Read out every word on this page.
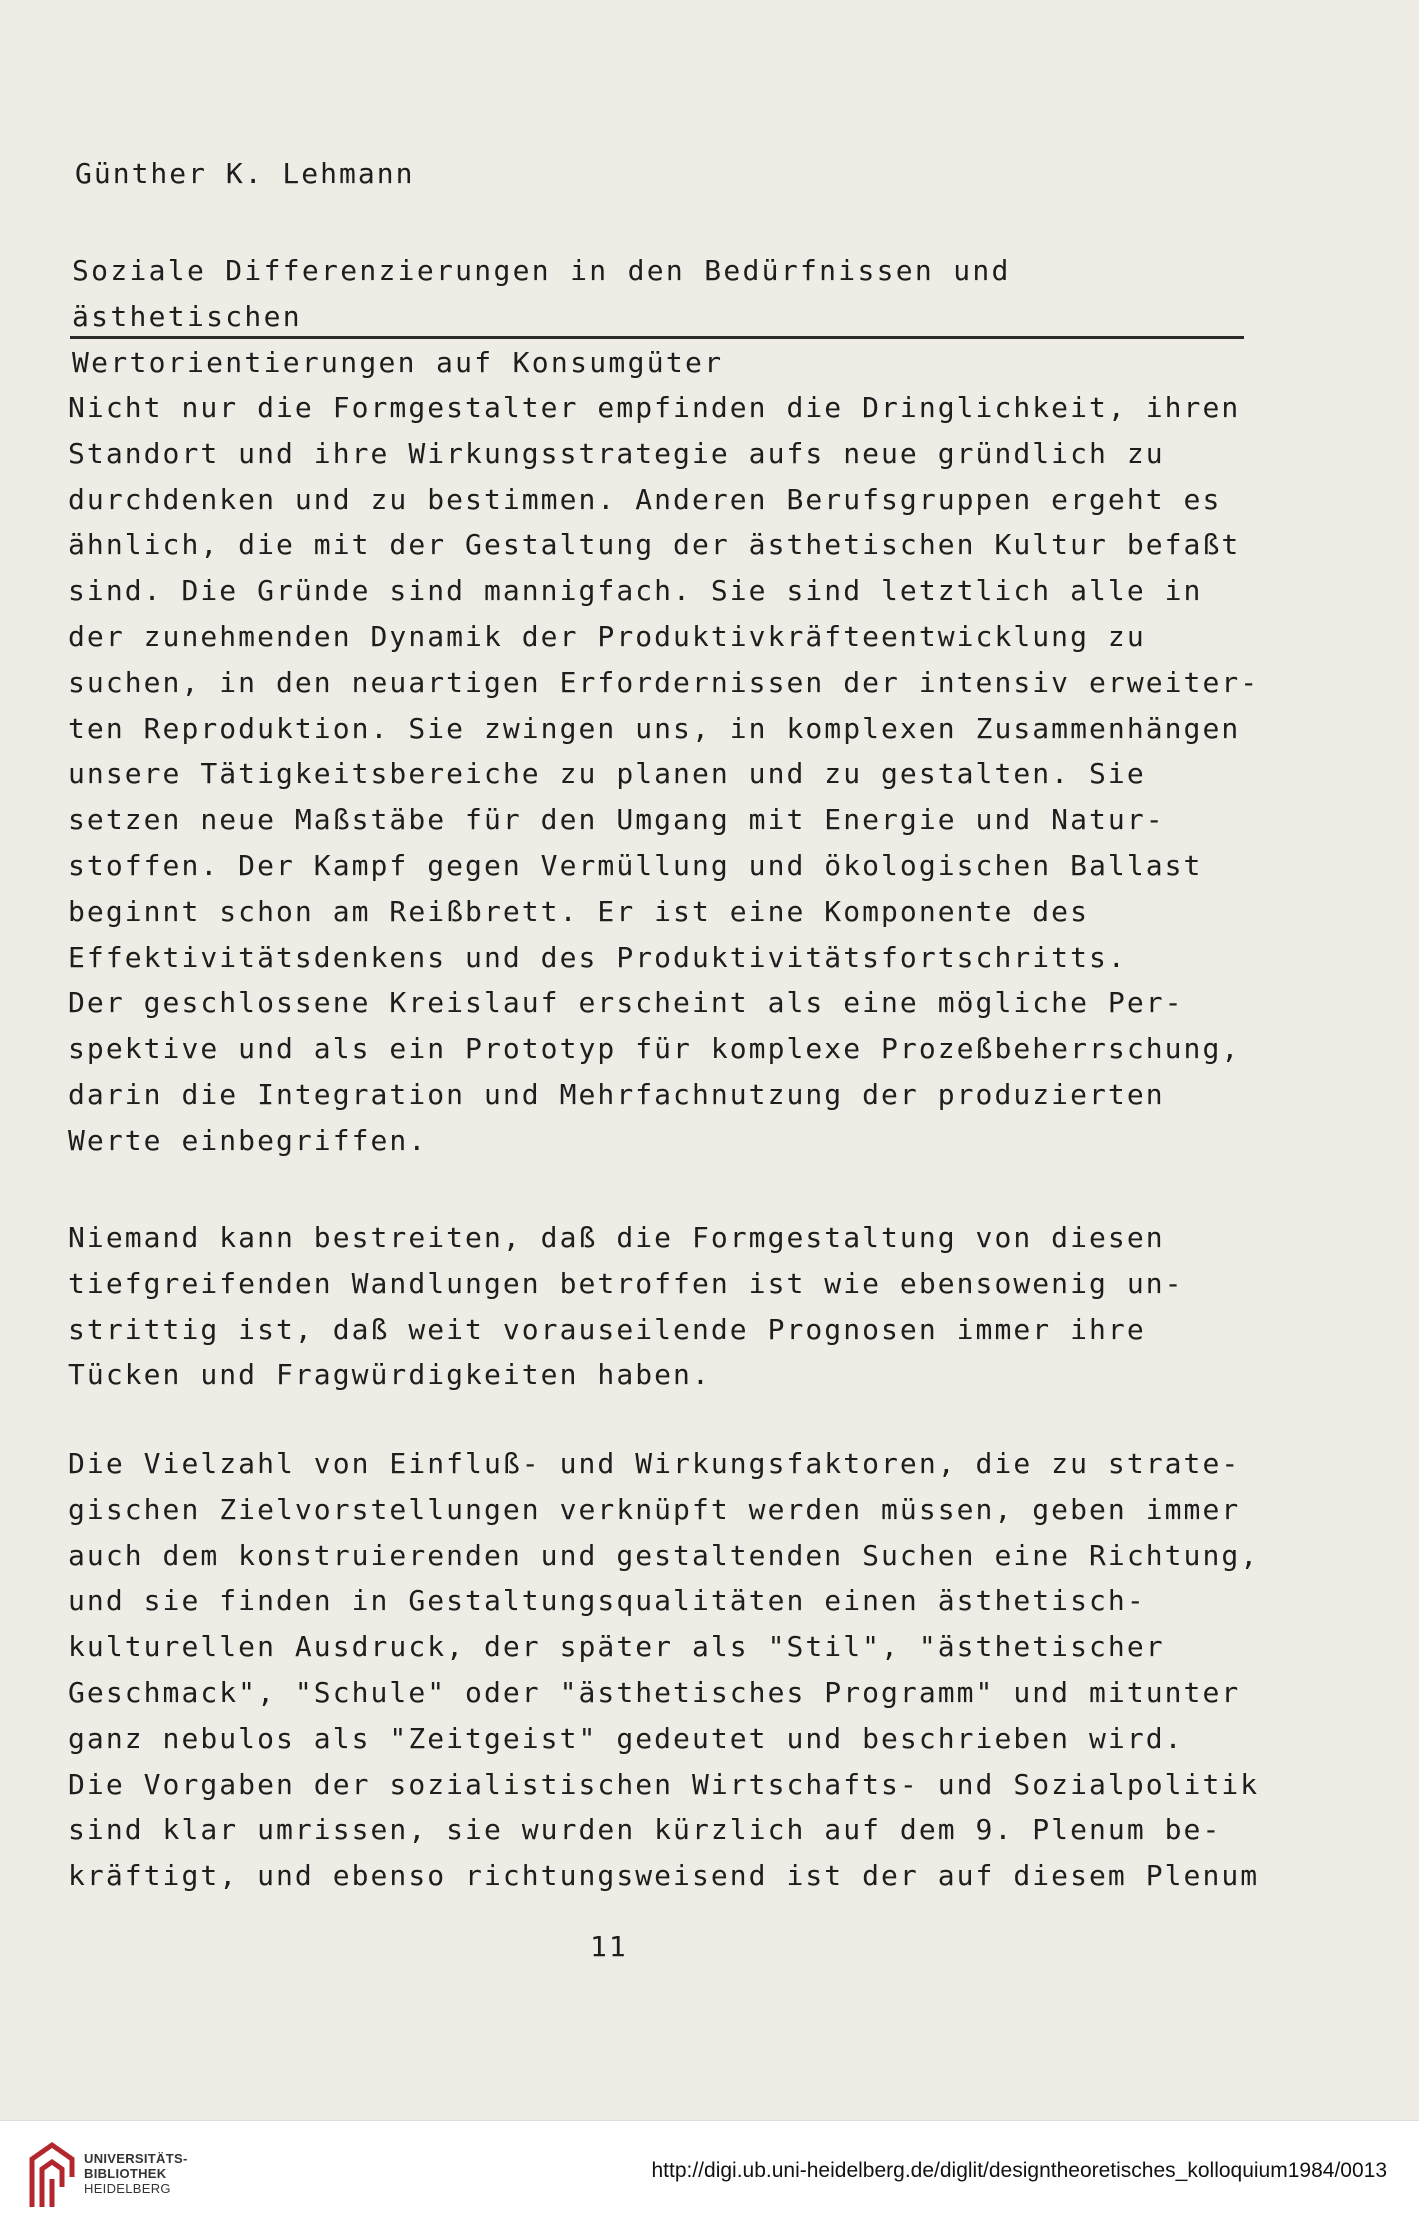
Günther K. Lehmann
Soziale Differenzierungen in den Bedürfnissen und ästhetischen
Wertorientierungen auf Konsumgüter
Nicht nur die Formgestalter empfinden die Dringlichkeit, ihren
Standort und ihre Wirkungsstrategie aufs neue gründlich zu
durchdenken und zu bestimmen. Anderen Berufsgruppen ergeht es
ähnlich, die mit der Gestaltung der ästhetischen Kultur befaßt
sind. Die Gründe sind mannigfach. Sie sind letztlich alle in
der zunehmenden Dynamik der Produktivkräfteentwicklung zu
suchen, in den neuartigen Erfordernissen der intensiv erweiter-
ten Reproduktion. Sie zwingen uns, in komplexen Zusammenhängen
unsere Tätigkeitsbereiche zu planen und zu gestalten. Sie
setzen neue Maßstäbe für den Umgang mit Energie und Natur-
stoffen. Der Kampf gegen Vermüllung und ökologischen Ballast
beginnt schon am Reißbrett. Er ist eine Komponente des
Effektivitätsdenkens und des Produktivitätsfortschritts.
Der geschlossene Kreislauf erscheint als eine mögliche Per-
spektive und als ein Prototyp für komplexe Prozeßbeherrschung,
darin die Integration und Mehrfachnutzung der produzierten
Werte einbegriffen.
Niemand kann bestreiten, daß die Formgestaltung von diesen
tiefgreifenden Wandlungen betroffen ist wie ebensowenig un-
strittig ist, daß weit vorauseilende Prognosen immer ihre
Tücken und Fragwürdigkeiten haben.
Die Vielzahl von Einfluß- und Wirkungsfaktoren, die zu strate-
gischen Zielvorstellungen verknüpft werden müssen, geben immer
auch dem konstruierenden und gestaltenden Suchen eine Richtung,
und sie finden in Gestaltungsqualitäten einen ästhetisch-
kulturellen Ausdruck, der später als "Stil", "ästhetischer
Geschmack", "Schule" oder "ästhetisches Programm" und mitunter
ganz nebulos als "Zeitgeist" gedeutet und beschrieben wird.
Die Vorgaben der sozialistischen Wirtschafts- und Sozialpolitik
sind klar umrissen, sie wurden kürzlich auf dem 9. Plenum be-
kräftigt, und ebenso richtungsweisend ist der auf diesem Plenum
11
UNIVERSITÄTS-
BIBLIOTHEK
HEIDELBERG
http://digi.ub.uni-heidelberg.de/diglit/designtheoretisches_kolloquium1984/0013
